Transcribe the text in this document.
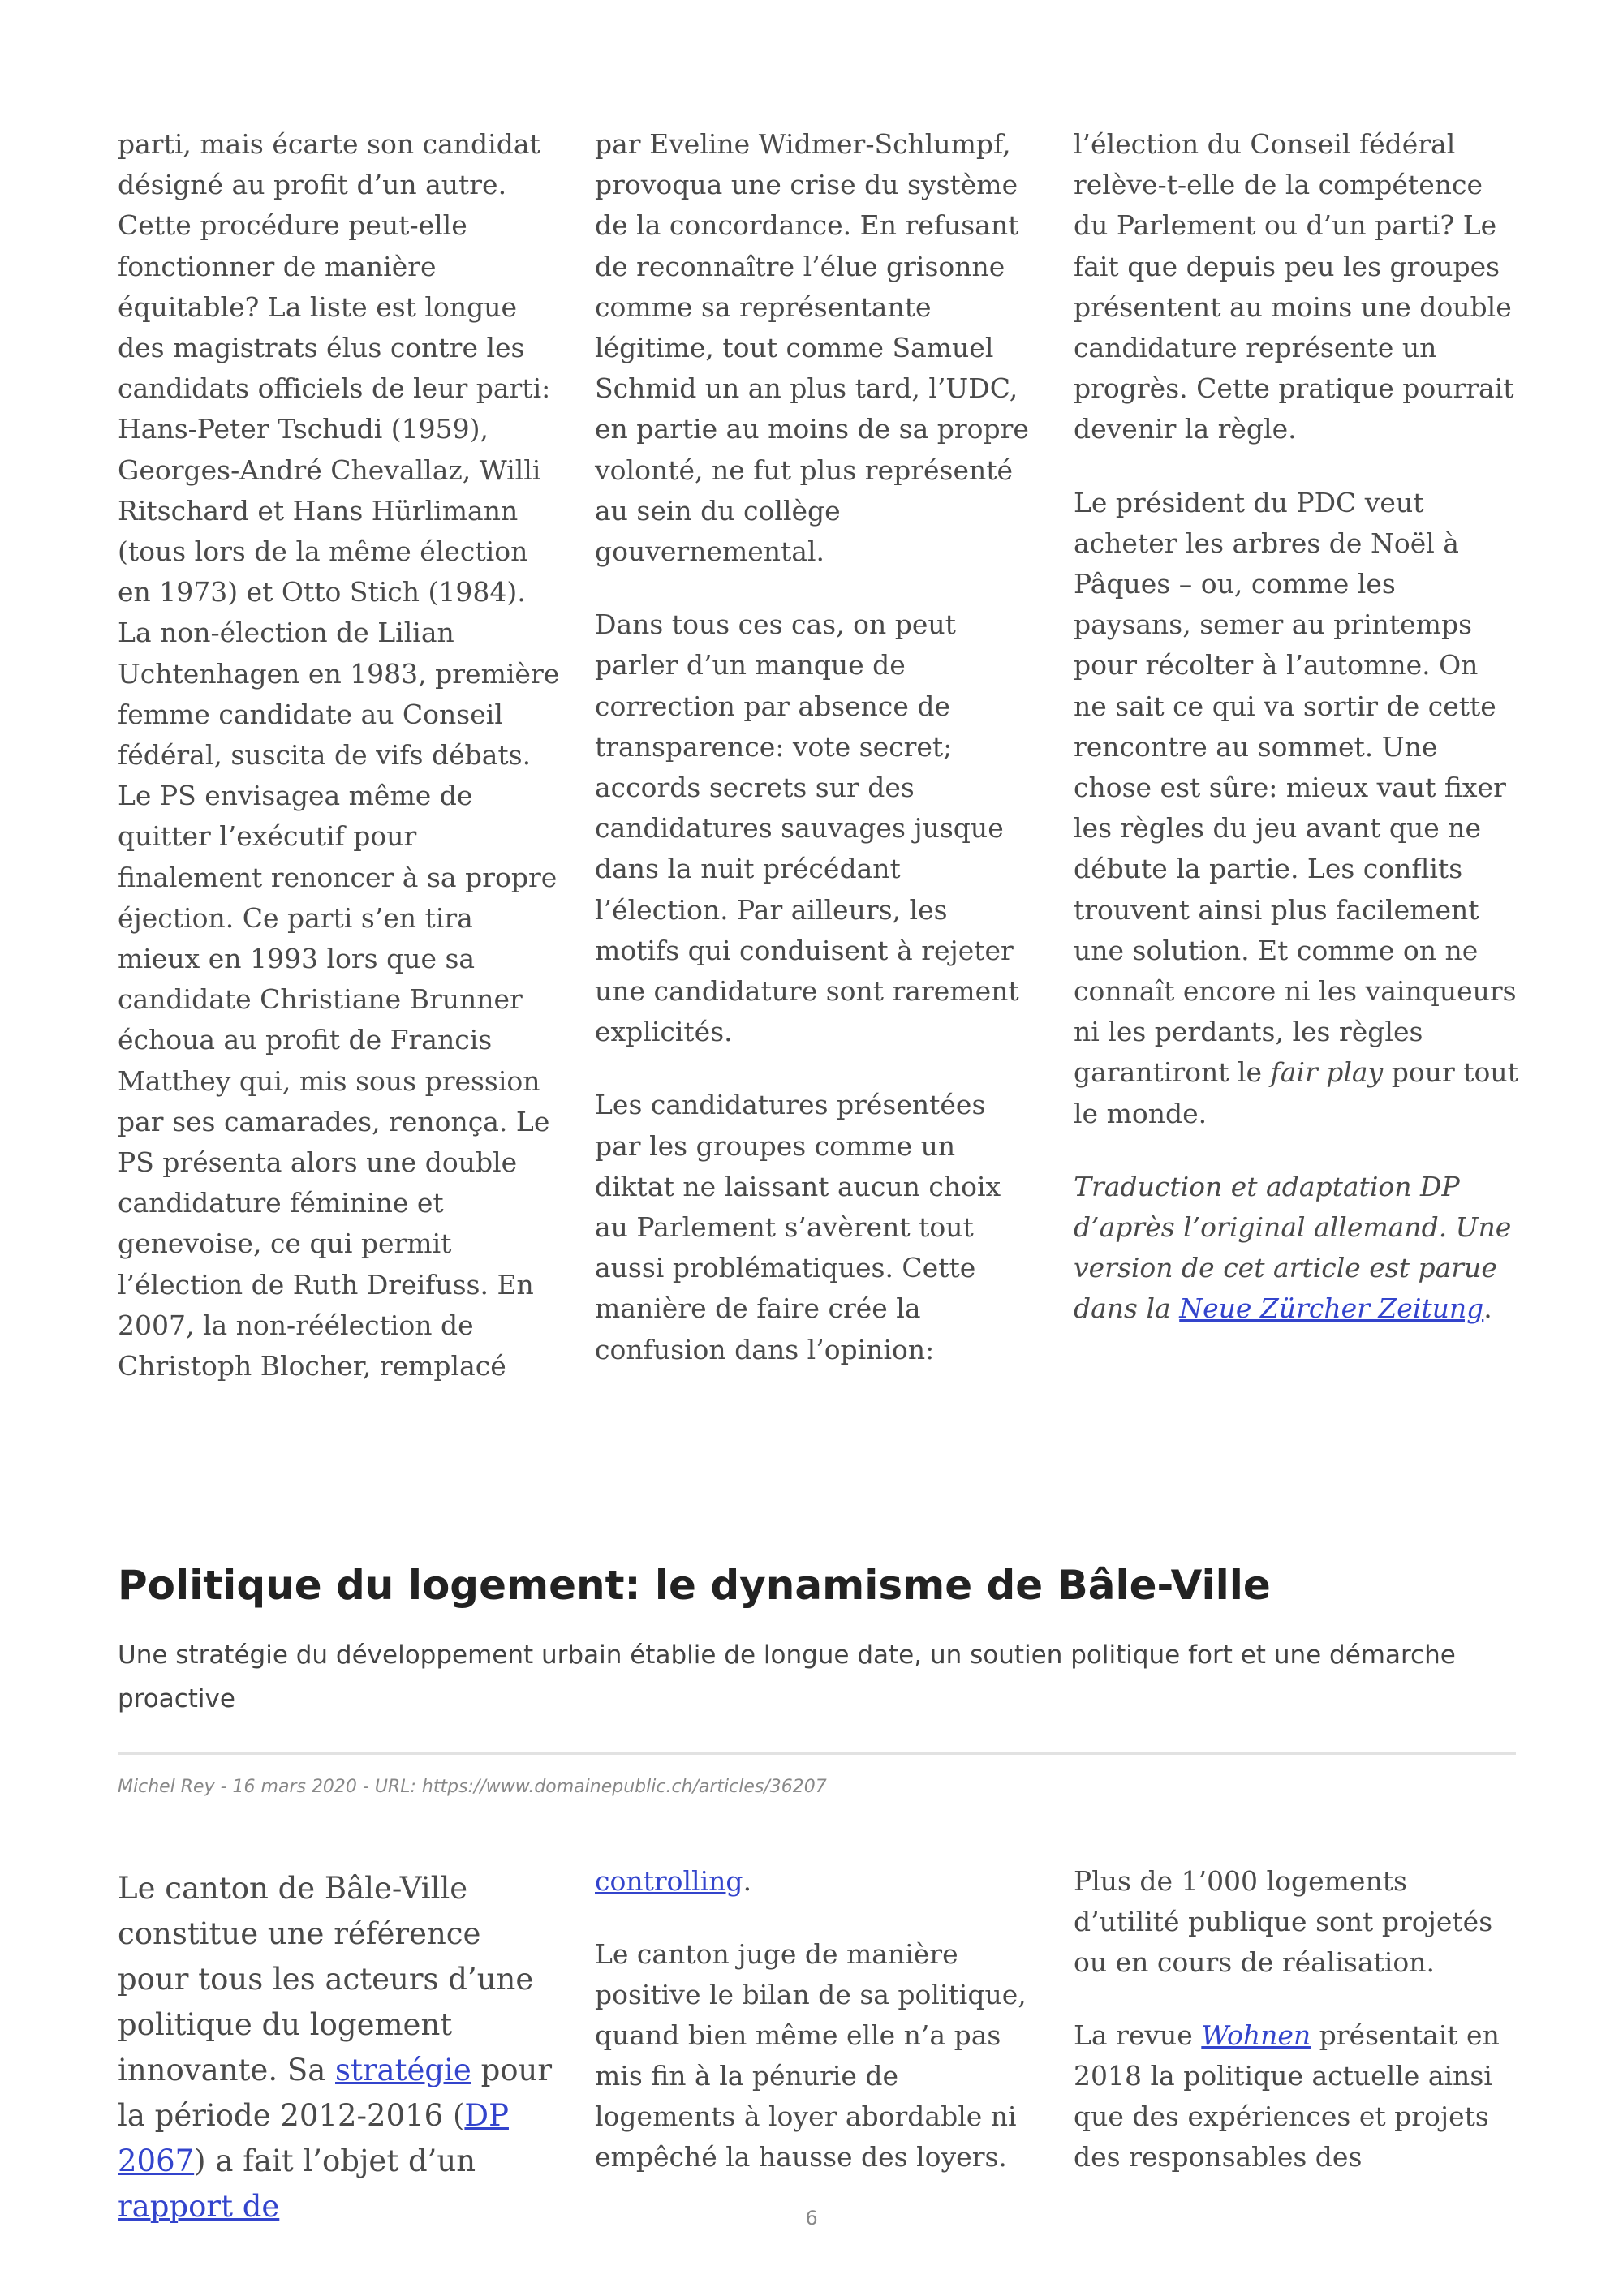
parti, mais écarte son candidat désigné au profit d’un autre. Cette procédure peut-elle fonctionner de manière équitable? La liste est longue des magistrats élus contre les candidats officiels de leur parti: Hans-Peter Tschudi (1959), Georges-André Chevallaz, Willi Ritschard et Hans Hürlimann (tous lors de la même élection en 1973) et Otto Stich (1984). La non-élection de Lilian Uchtenhagen en 1983, première femme candidate au Conseil fédéral, suscita de vifs débats. Le PS envisagea même de quitter l’exécutif pour finalement renoncer à sa propre éjection. Ce parti s’en tira mieux en 1993 lors que sa candidate Christiane Brunner échoua au profit de Francis Matthey qui, mis sous pression par ses camarades, renonça. Le PS présenta alors une double candidature féminine et genevoise, ce qui permit l’élection de Ruth Dreifuss. En 2007, la non-réélection de Christoph Blocher, remplacé

par Eveline Widmer-Schlumpf, provoqua une crise du système de la concordance. En refusant de reconnaître l’élue grisonne comme sa représentante légitime, tout comme Samuel Schmid un an plus tard, l’UDC, en partie au moins de sa propre volonté, ne fut plus représenté au sein du collège gouvernemental.

Dans tous ces cas, on peut parler d’un manque de correction par absence de transparence: vote secret; accords secrets sur des candidatures sauvages jusque dans la nuit précédant l’élection. Par ailleurs, les motifs qui conduisent à rejeter une candidature sont rarement explicités.

Les candidatures présentées par les groupes comme un diktat ne laissant aucun choix au Parlement s’avèrent tout aussi problématiques. Cette manière de faire crée la confusion dans l’opinion:

l’élection du Conseil fédéral relève-t-elle de la compétence du Parlement ou d’un parti? Le fait que depuis peu les groupes présentent au moins une double candidature représente un progrès. Cette pratique pourrait devenir la règle.

Le président du PDC veut acheter les arbres de Noël à Pâques – ou, comme les paysans, semer au printemps pour récolter à l’automne. On ne sait ce qui va sortir de cette rencontre au sommet. Une chose est sûre: mieux vaut fixer les règles du jeu avant que ne débute la partie. Les conflits trouvent ainsi plus facilement une solution. Et comme on ne connaît encore ni les vainqueurs ni les perdants, les règles garantiront le fair play pour tout le monde.

Traduction et adaptation DP d’après l’original allemand. Une version de cet article est parue dans la Neue Zürcher Zeitung.

Politique du logement: le dynamisme de Bâle-Ville
Une stratégie du développement urbain établie de longue date, un soutien politique fort et une démarche proactive
Michel Rey - 16 mars 2020 - URL: https://www.domainepublic.ch/articles/36207

Le canton de Bâle-Ville constitue une référence pour tous les acteurs d’une politique du logement innovante. Sa stratégie pour la période 2012-2016 (DP 2067) a fait l’objet d’un rapport de

controlling.

Le canton juge de manière positive le bilan de sa politique, quand bien même elle n’a pas mis fin à la pénurie de logements à loyer abordable ni empêché la hausse des loyers.

Plus de 1’000 logements d’utilité publique sont projetés ou en cours de réalisation.

La revue Wohnen présentait en 2018 la politique actuelle ainsi que des expériences et projets des responsables des

6
